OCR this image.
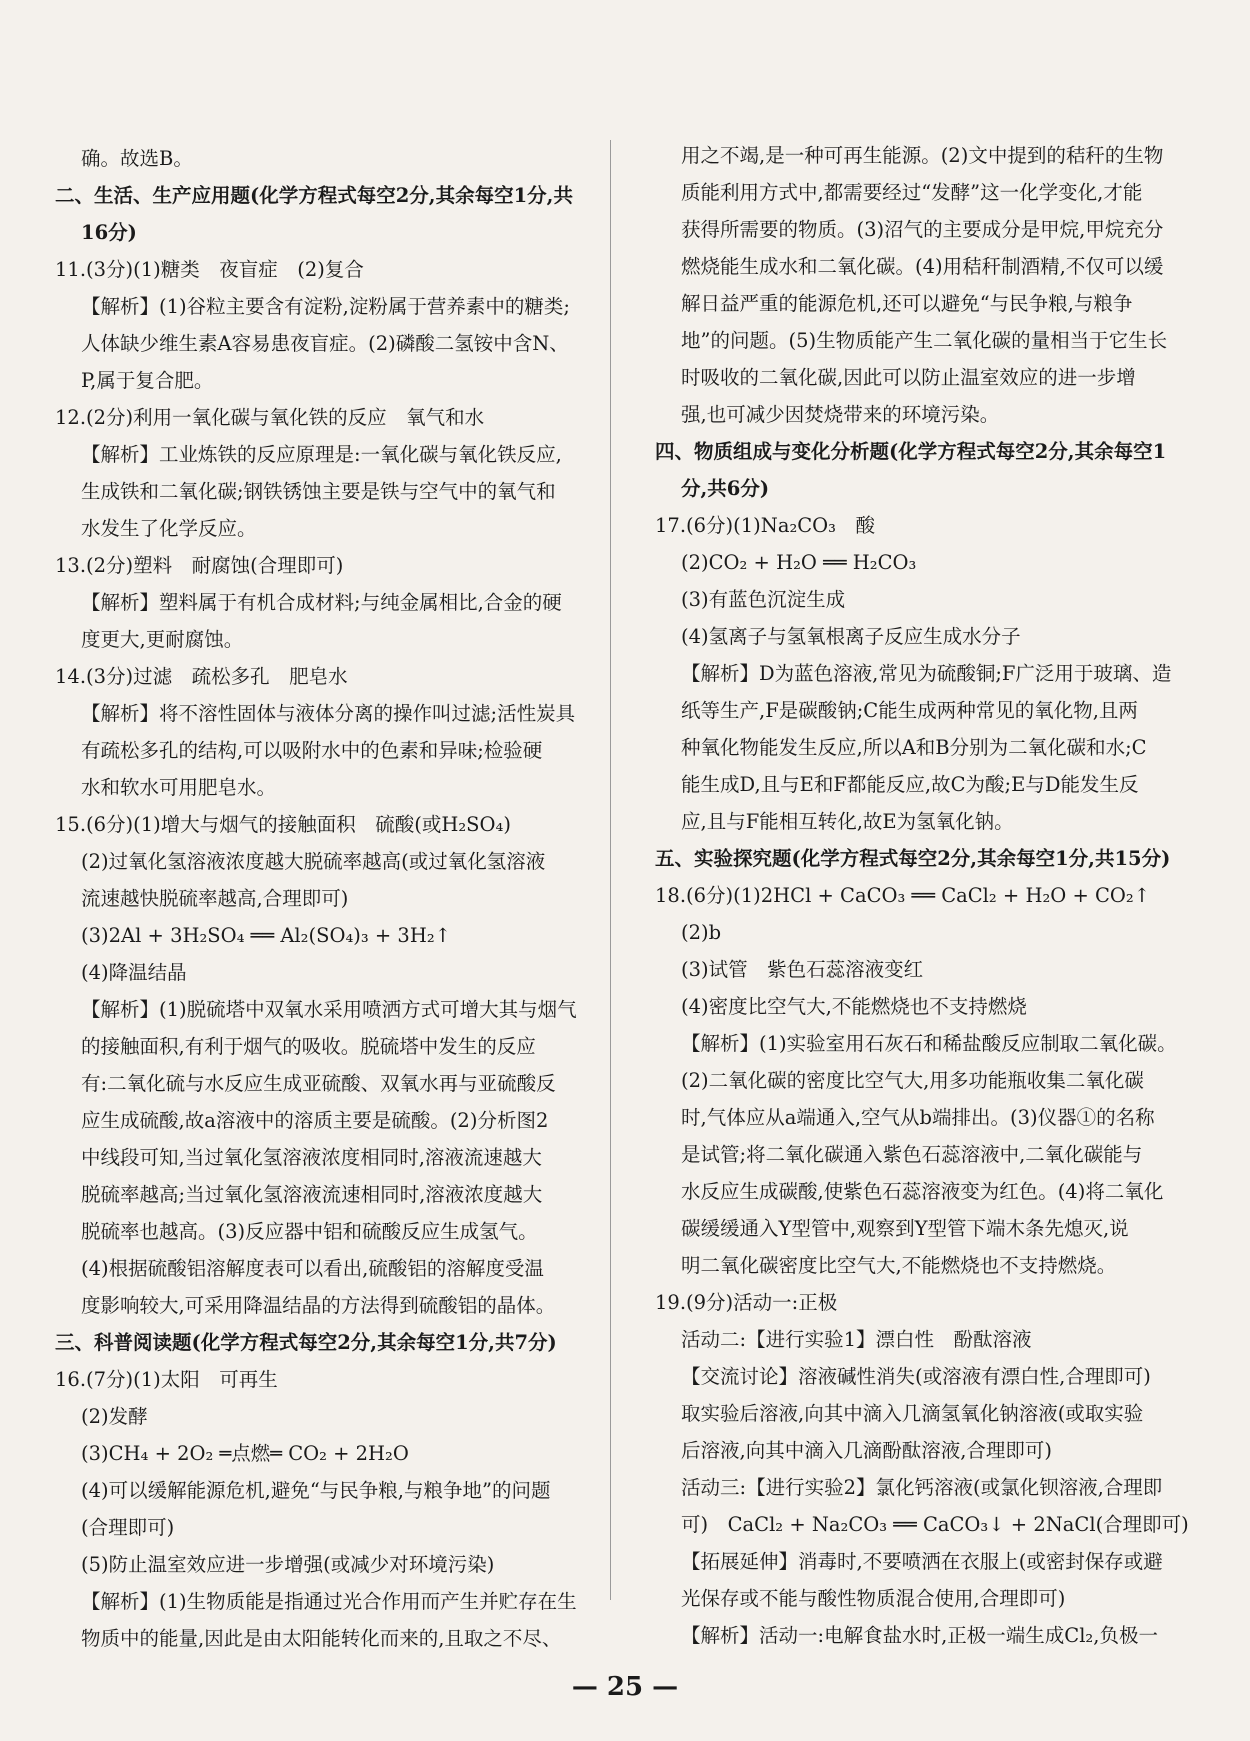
确。故选B。
二、生活、生产应用题(化学方程式每空2分,其余每空1分,共
16分)
11.(3分)(1)糖类　夜盲症　(2)复合
【解析】(1)谷粒主要含有淀粉,淀粉属于营养素中的糖类;
人体缺少维生素A容易患夜盲症。(2)磷酸二氢铵中含N、
P,属于复合肥。
12.(2分)利用一氧化碳与氧化铁的反应　氧气和水
【解析】工业炼铁的反应原理是:一氧化碳与氧化铁反应,
生成铁和二氧化碳;钢铁锈蚀主要是铁与空气中的氧气和
水发生了化学反应。
13.(2分)塑料　耐腐蚀(合理即可)
【解析】塑料属于有机合成材料;与纯金属相比,合金的硬
度更大,更耐腐蚀。
14.(3分)过滤　疏松多孔　肥皂水
【解析】将不溶性固体与液体分离的操作叫过滤;活性炭具
有疏松多孔的结构,可以吸附水中的色素和异味;检验硬
水和软水可用肥皂水。
15.(6分)(1)增大与烟气的接触面积　硫酸(或H₂SO₄)
(2)过氧化氢溶液浓度越大脱硫率越高(或过氧化氢溶液
流速越快脱硫率越高,合理即可)
(3)2Al + 3H₂SO₄ ══ Al₂(SO₄)₃ + 3H₂↑
(4)降温结晶
【解析】(1)脱硫塔中双氧水采用喷洒方式可增大其与烟气
的接触面积,有利于烟气的吸收。脱硫塔中发生的反应
有:二氧化硫与水反应生成亚硫酸、双氧水再与亚硫酸反
应生成硫酸,故a溶液中的溶质主要是硫酸。(2)分析图2
中线段可知,当过氧化氢溶液浓度相同时,溶液流速越大
脱硫率越高;当过氧化氢溶液流速相同时,溶液浓度越大
脱硫率也越高。(3)反应器中铝和硫酸反应生成氢气。
(4)根据硫酸铝溶解度表可以看出,硫酸铝的溶解度受温
度影响较大,可采用降温结晶的方法得到硫酸铝的晶体。
三、科普阅读题(化学方程式每空2分,其余每空1分,共7分)
16.(7分)(1)太阳　可再生
(2)发酵
(3)CH₄ + 2O₂ ═点燃═ CO₂ + 2H₂O
(4)可以缓解能源危机,避免“与民争粮,与粮争地”的问题
(合理即可)
(5)防止温室效应进一步增强(或减少对环境污染)
【解析】(1)生物质能是指通过光合作用而产生并贮存在生
物质中的能量,因此是由太阳能转化而来的,且取之不尽、
用之不竭,是一种可再生能源。(2)文中提到的秸秆的生物
质能利用方式中,都需要经过“发酵”这一化学变化,才能
获得所需要的物质。(3)沼气的主要成分是甲烷,甲烷充分
燃烧能生成水和二氧化碳。(4)用秸秆制酒精,不仅可以缓
解日益严重的能源危机,还可以避免“与民争粮,与粮争
地”的问题。(5)生物质能产生二氧化碳的量相当于它生长
时吸收的二氧化碳,因此可以防止温室效应的进一步增
强,也可减少因焚烧带来的环境污染。
四、物质组成与变化分析题(化学方程式每空2分,其余每空1
分,共6分)
17.(6分)(1)Na₂CO₃　酸
(2)CO₂ + H₂O ══ H₂CO₃
(3)有蓝色沉淀生成
(4)氢离子与氢氧根离子反应生成水分子
【解析】D为蓝色溶液,常见为硫酸铜;F广泛用于玻璃、造
纸等生产,F是碳酸钠;C能生成两种常见的氧化物,且两
种氧化物能发生反应,所以A和B分别为二氧化碳和水;C
能生成D,且与E和F都能反应,故C为酸;E与D能发生反
应,且与F能相互转化,故E为氢氧化钠。
五、实验探究题(化学方程式每空2分,其余每空1分,共15分)
18.(6分)(1)2HCl + CaCO₃ ══ CaCl₂ + H₂O + CO₂↑
(2)b
(3)试管　紫色石蕊溶液变红
(4)密度比空气大,不能燃烧也不支持燃烧
【解析】(1)实验室用石灰石和稀盐酸反应制取二氧化碳。
(2)二氧化碳的密度比空气大,用多功能瓶收集二氧化碳
时,气体应从a端通入,空气从b端排出。(3)仪器①的名称
是试管;将二氧化碳通入紫色石蕊溶液中,二氧化碳能与
水反应生成碳酸,使紫色石蕊溶液变为红色。(4)将二氧化
碳缓缓通入Y型管中,观察到Y型管下端木条先熄灭,说
明二氧化碳密度比空气大,不能燃烧也不支持燃烧。
19.(9分)活动一:正极
活动二:【进行实验1】漂白性　酚酞溶液
【交流讨论】溶液碱性消失(或溶液有漂白性,合理即可)
取实验后溶液,向其中滴入几滴氢氧化钠溶液(或取实验
后溶液,向其中滴入几滴酚酞溶液,合理即可)
活动三:【进行实验2】氯化钙溶液(或氯化钡溶液,合理即
可)　CaCl₂ + Na₂CO₃ ══ CaCO₃↓ + 2NaCl(合理即可)
【拓展延伸】消毒时,不要喷洒在衣服上(或密封保存或避
光保存或不能与酸性物质混合使用,合理即可)
【解析】活动一:电解食盐水时,正极一端生成Cl₂,负极一
— 25 —
